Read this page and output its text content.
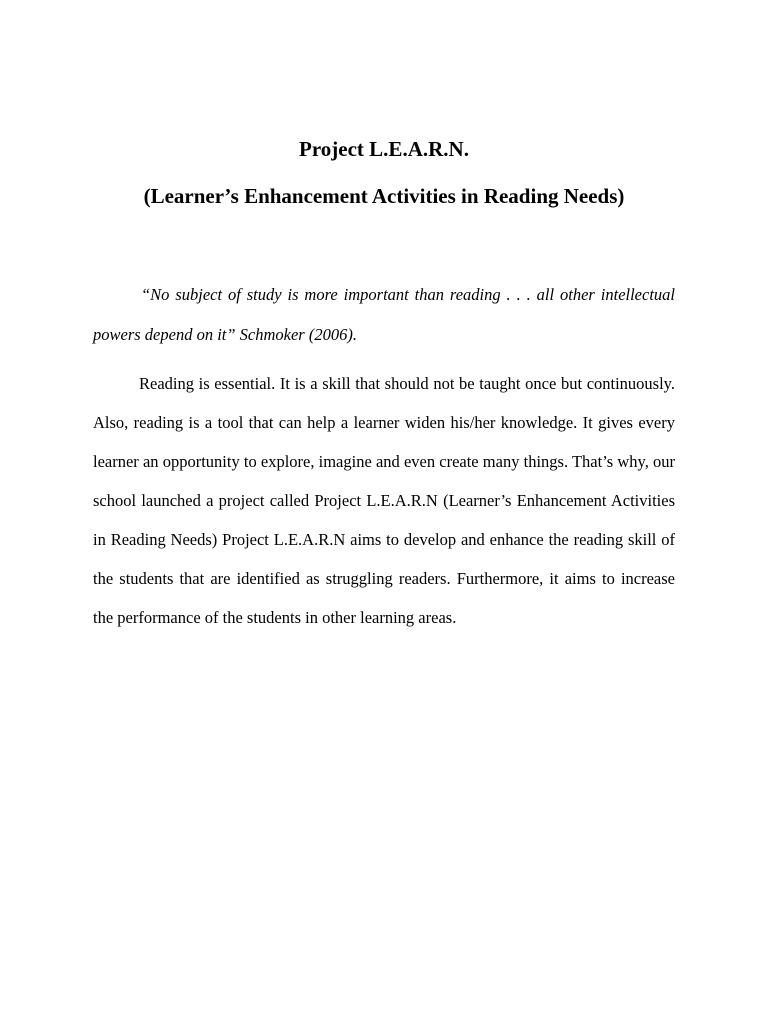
Project L.E.A.R.N.
(Learner’s Enhancement Activities in Reading Needs)

“No subject of study is more important than reading . . . all other intellectual powers depend on it” Schmoker (2006).

Reading is essential. It is a skill that should not be taught once but continuously. Also, reading is a tool that can help a learner widen his/her knowledge. It gives every learner an opportunity to explore, imagine and even create many things. That’s why, our school launched a project called Project L.E.A.R.N (Learner’s Enhancement Activities in Reading Needs) Project L.E.A.R.N aims to develop and enhance the reading skill of the students that are identified as struggling readers. Furthermore, it aims to increase the performance of the students in other learning areas.
